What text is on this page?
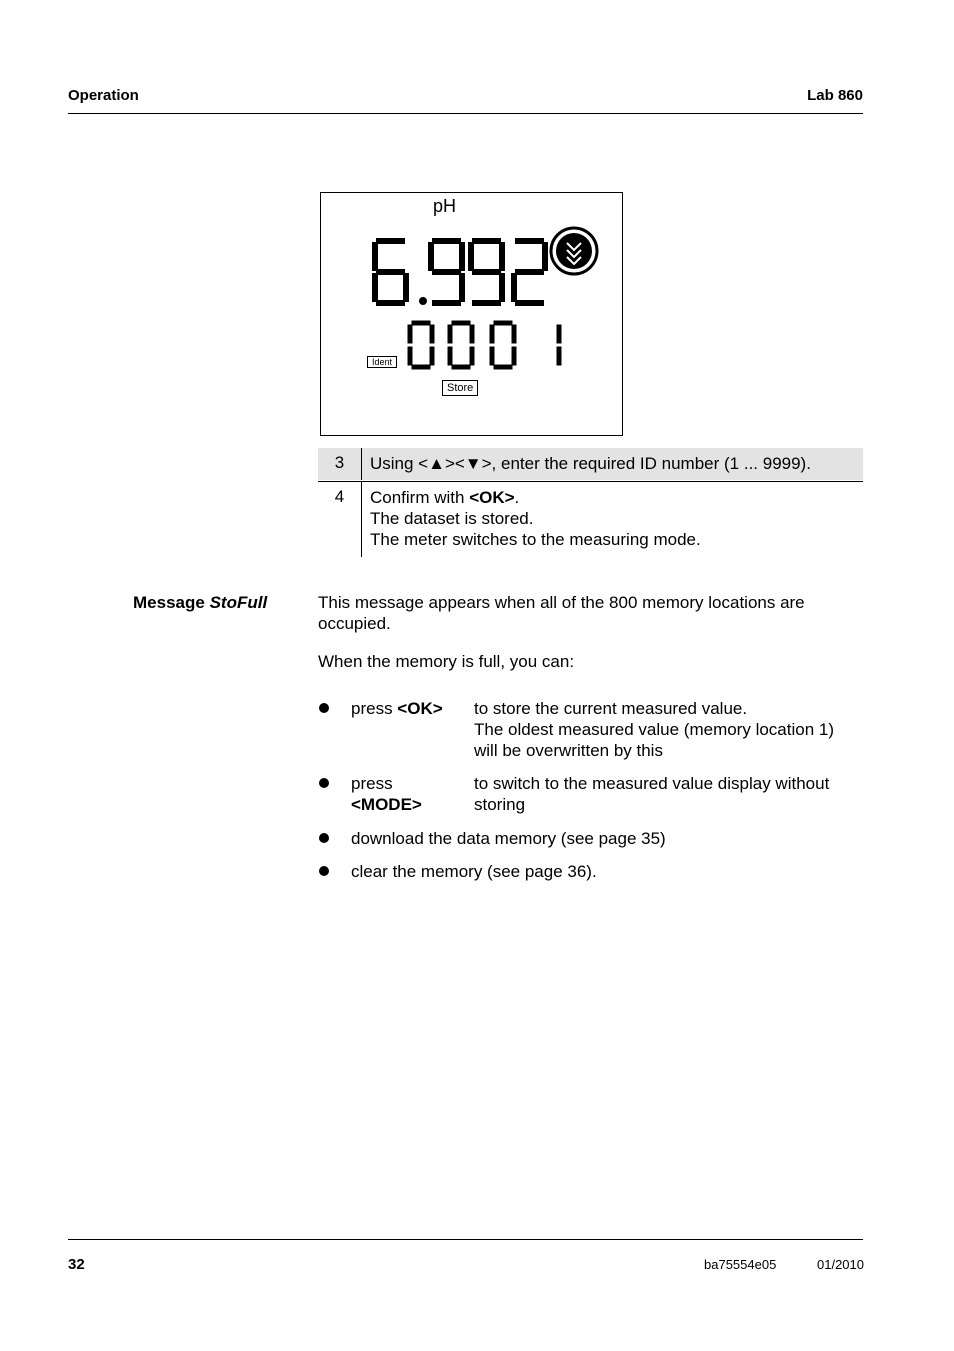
Operation	Lab 860
pH
Ident
Store
3	Using <▲><▼>, enter the required ID number (1 ... 9999).
4	Confirm with <OK>.
The dataset is stored.
The meter switches to the measuring mode.
Message StoFull	This message appears when all of the 800 memory locations are
occupied.
When the memory is full, you can:
press <OK> to store the current measured value.
The oldest measured value (memory location 1)
will be overwritten by this
press
<MODE>
to switch to the measured value display without
storing
download the data memory (see page 35)
clear the memory (see page 36).
32	ba75554e05	01/2010
